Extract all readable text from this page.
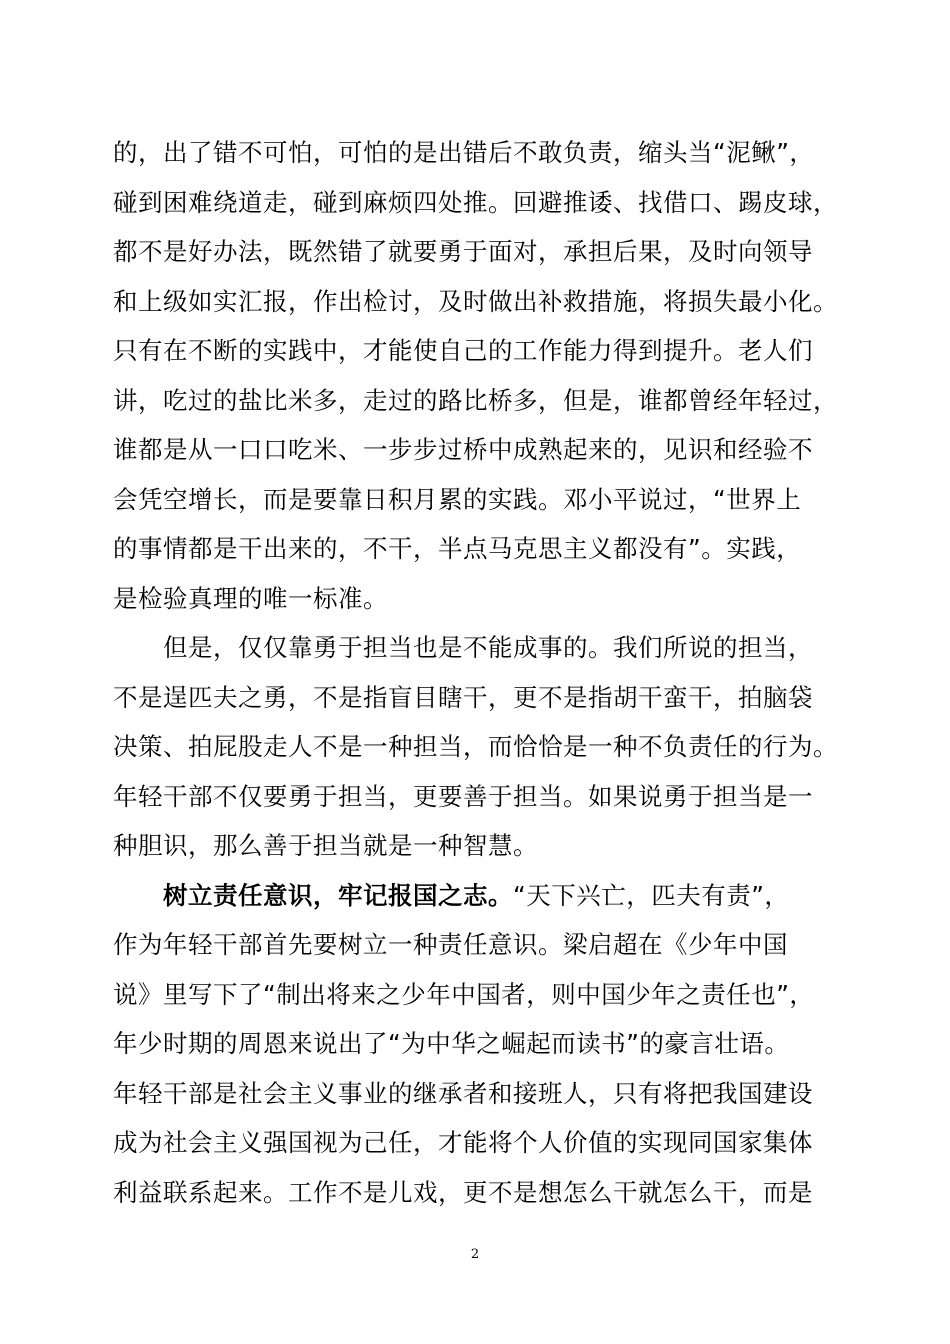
的，出了错不可怕，可怕的是出错后不敢负责，缩头当“泥鳅”，
碰到困难绕道走，碰到麻烦四处推。回避推诿、找借口、踢皮球，
都不是好办法，既然错了就要勇于面对，承担后果，及时向领导
和上级如实汇报，作出检讨，及时做出补救措施，将损失最小化。
只有在不断的实践中，才能使自己的工作能力得到提升。老人们
讲，吃过的盐比米多，走过的路比桥多，但是，谁都曾经年轻过，
谁都是从一口口吃米、一步步过桥中成熟起来的，见识和经验不
会凭空增长，而是要靠日积月累的实践。邓小平说过，“世界上
的事情都是干出来的，不干，半点马克思主义都没有”。实践，
是检验真理的唯一标准。
但是，仅仅靠勇于担当也是不能成事的。我们所说的担当，
不是逞匹夫之勇，不是指盲目瞎干，更不是指胡干蛮干，拍脑袋
决策、拍屁股走人不是一种担当，而恰恰是一种不负责任的行为。
年轻干部不仅要勇于担当，更要善于担当。如果说勇于担当是一
种胆识，那么善于担当就是一种智慧。
树立责任意识，牢记报国之志。“天下兴亡，匹夫有责”，
作为年轻干部首先要树立一种责任意识。梁启超在《少年中国
说》里写下了“制出将来之少年中国者，则中国少年之责任也”，
年少时期的周恩来说出了“为中华之崛起而读书”的豪言壮语。
年轻干部是社会主义事业的继承者和接班人，只有将把我国建设
成为社会主义强国视为己任，才能将个人价值的实现同国家集体
利益联系起来。工作不是儿戏，更不是想怎么干就怎么干，而是
2
